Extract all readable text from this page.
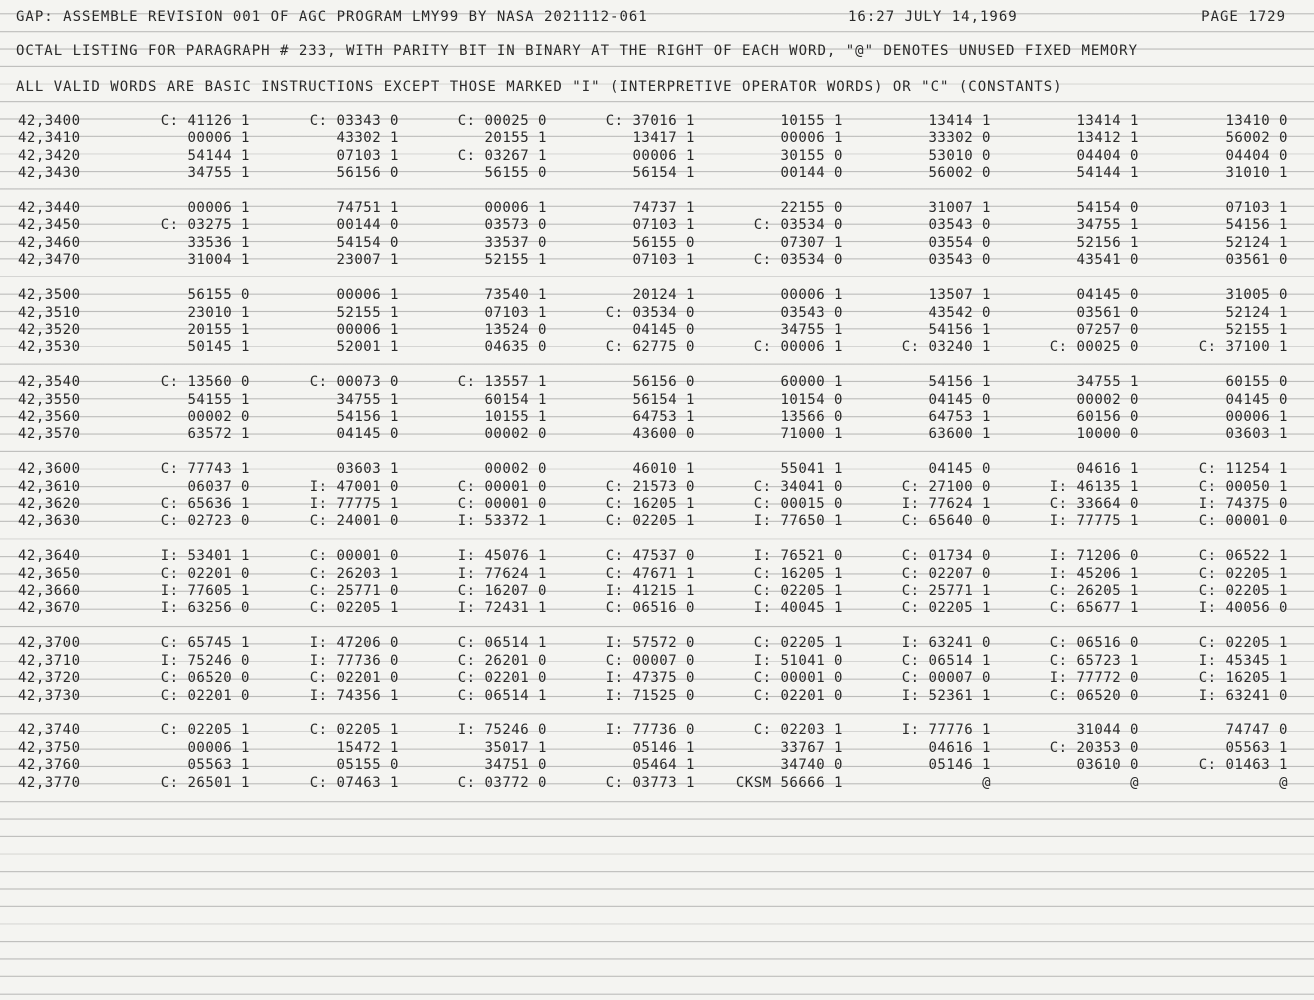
GAP: ASSEMBLE REVISION 001 OF AGC PROGRAM LMY99 BY NASA 2021112-061	16:27 JULY 14,1969	PAGE 1729
OCTAL LISTING FOR PARAGRAPH # 233, WITH PARITY BIT IN BINARY AT THE RIGHT OF EACH WORD, "@" DENOTES UNUSED FIXED MEMORY
ALL VALID WORDS ARE BASIC INSTRUCTIONS EXCEPT THOSE MARKED "I" (INTERPRETIVE OPERATOR WORDS) OR "C" (CONSTANTS)
42,3400	C: 41126 1	C: 03343 0	C: 00025 0	C: 37016 1	10155 1	13414 1	13414 1	13410 0
42,3410	00006 1	43302 1	20155 1	13417 1	00006 1	33302 0	13412 1	56002 0
42,3420	54144 1	07103 1	C: 03267 1	00006 1	30155 0	53010 0	04404 0	04404 0
42,3430	34755 1	56156 0	56155 0	56154 1	00144 0	56002 0	54144 1	31010 1
42,3440	00006 1	74751 1	00006 1	74737 1	22155 0	31007 1	54154 0	07103 1
42,3450	C: 03275 1	00144 0	03573 0	07103 1	C: 03534 0	03543 0	34755 1	54156 1
42,3460	33536 1	54154 0	33537 0	56155 0	07307 1	03554 0	52156 1	52124 1
42,3470	31004 1	23007 1	52155 1	07103 1	C: 03534 0	03543 0	43541 0	03561 0
42,3500	56155 0	00006 1	73540 1	20124 1	00006 1	13507 1	04145 0	31005 0
42,3510	23010 1	52155 1	07103 1	C: 03534 0	03543 0	43542 0	03561 0	52124 1
42,3520	20155 1	00006 1	13524 0	04145 0	34755 1	54156 1	07257 0	52155 1
42,3530	50145 1	52001 1	04635 0	C: 62775 0	C: 00006 1	C: 03240 1	C: 00025 0	C: 37100 1
42,3540	C: 13560 0	C: 00073 0	C: 13557 1	56156 0	60000 1	54156 1	34755 1	60155 0
42,3550	54155 1	34755 1	60154 1	56154 1	10154 0	04145 0	00002 0	04145 0
42,3560	00002 0	54156 1	10155 1	64753 1	13566 0	64753 1	60156 0	00006 1
42,3570	63572 1	04145 0	00002 0	43600 0	71000 1	63600 1	10000 0	03603 1
42,3600	C: 77743 1	03603 1	00002 0	46010 1	55041 1	04145 0	04616 1	C: 11254 1
42,3610	06037 0	I: 47001 0	C: 00001 0	C: 21573 0	C: 34041 0	C: 27100 0	I: 46135 1	C: 00050 1
42,3620	C: 65636 1	I: 77775 1	C: 00001 0	C: 16205 1	C: 00015 0	I: 77624 1	C: 33664 0	I: 74375 0
42,3630	C: 02723 0	C: 24001 0	I: 53372 1	C: 02205 1	I: 77650 1	C: 65640 0	I: 77775 1	C: 00001 0
42,3640	I: 53401 1	C: 00001 0	I: 45076 1	C: 47537 0	I: 76521 0	C: 01734 0	I: 71206 0	C: 06522 1
42,3650	C: 02201 0	C: 26203 1	I: 77624 1	C: 47671 1	C: 16205 1	C: 02207 0	I: 45206 1	C: 02205 1
42,3660	I: 77605 1	C: 25771 0	C: 16207 0	I: 41215 1	C: 02205 1	C: 25771 1	C: 26205 1	C: 02205 1
42,3670	I: 63256 0	C: 02205 1	I: 72431 1	C: 06516 0	I: 40045 1	C: 02205 1	C: 65677 1	I: 40056 0
42,3700	C: 65745 1	I: 47206 0	C: 06514 1	I: 57572 0	C: 02205 1	I: 63241 0	C: 06516 0	C: 02205 1
42,3710	I: 75246 0	I: 77736 0	C: 26201 0	C: 00007 0	I: 51041 0	C: 06514 1	C: 65723 1	I: 45345 1
42,3720	C: 06520 0	C: 02201 0	C: 02201 0	I: 47375 0	C: 00001 0	C: 00007 0	I: 77772 0	C: 16205 1
42,3730	C: 02201 0	I: 74356 1	C: 06514 1	I: 71525 0	C: 02201 0	I: 52361 1	C: 06520 0	I: 63241 0
42,3740	C: 02205 1	C: 02205 1	I: 75246 0	I: 77736 0	C: 02203 1	I: 77776 1	31044 0	74747 0
42,3750	00006 1	15472 1	35017 1	05146 1	33767 1	04616 1	C: 20353 0	05563 1
42,3760	05563 1	05155 0	34751 0	05464 1	34740 0	05146 1	03610 0	C: 01463 1
42,3770	C: 26501 1	C: 07463 1	C: 03772 0	C: 03773 1	CKSM 56666 1	@	@	@
